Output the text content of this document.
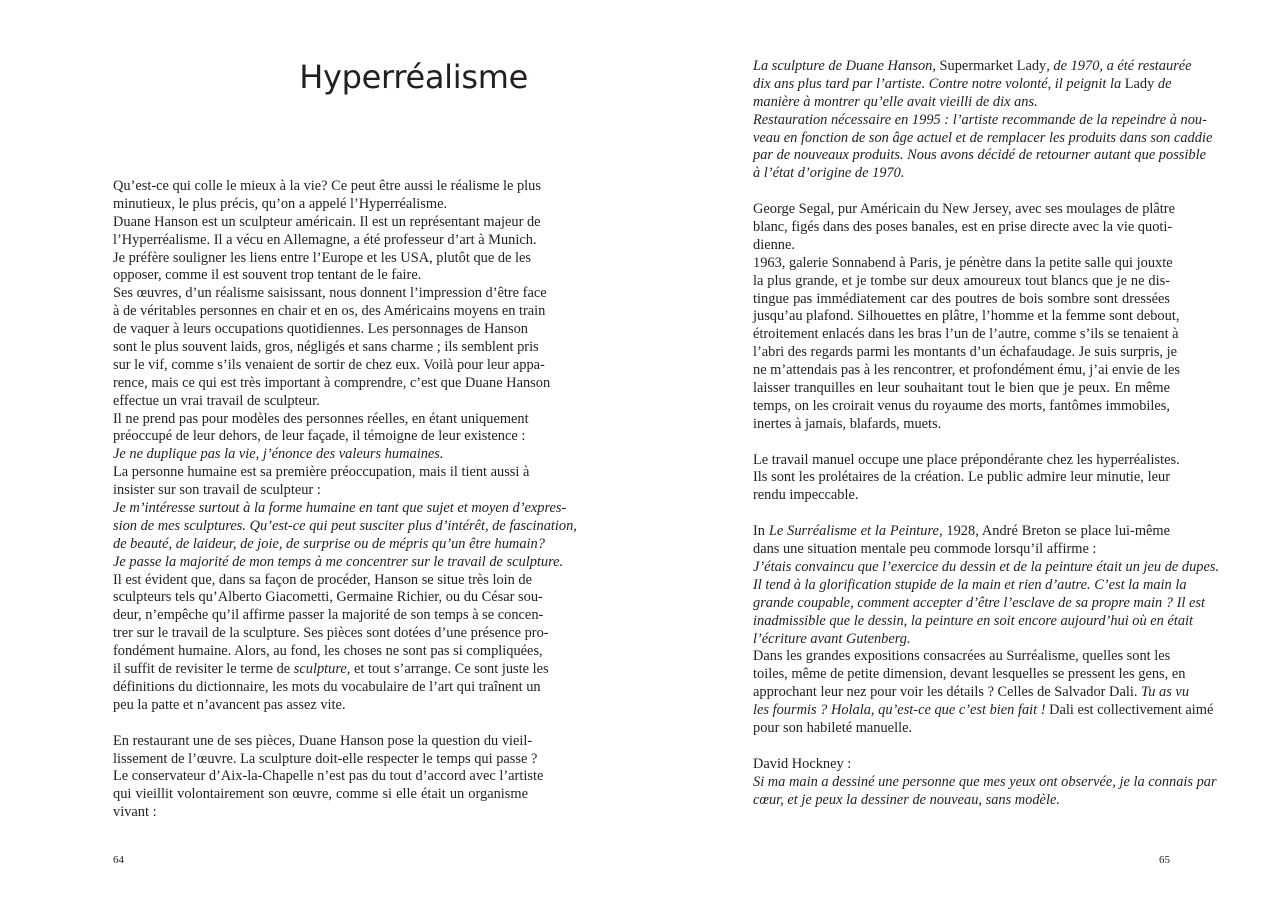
Hyperréalisme
Qu’est-ce qui colle le mieux à la vie? Ce peut être aussi le réalisme le plus
minutieux, le plus précis, qu’on a appelé l’Hyperréalisme.
Duane Hanson est un sculpteur américain. Il est un représentant majeur de
l’Hyperréalisme. Il a vécu en Allemagne, a été professeur d’art à Munich.
Je préfère souligner les liens entre l’Europe et les USA, plutôt que de les
opposer, comme il est souvent trop tentant de le faire.
Ses œuvres, d’un réalisme saisissant, nous donnent l’impression d’être face
à de véritables personnes en chair et en os, des Américains moyens en train
de vaquer à leurs occupations quotidiennes. Les personnages de Hanson
sont le plus souvent laids, gros, négligés et sans charme ; ils semblent pris
sur le vif, comme s’ils venaient de sortir de chez eux. Voilà pour leur appa-
rence, mais ce qui est très important à comprendre, c’est que Duane Hanson
effectue un vrai travail de sculpteur.
Il ne prend pas pour modèles des personnes réelles, en étant uniquement
préoccupé de leur dehors, de leur façade, il témoigne de leur existence :
Je ne duplique pas la vie, j’énonce des valeurs humaines.
La personne humaine est sa première préoccupation, mais il tient aussi à
insister sur son travail de sculpteur :
Je m’intéresse surtout à la forme humaine en tant que sujet et moyen d’expres-
sion de mes sculptures. Qu’est-ce qui peut susciter plus d’intérêt, de fascination,
de beauté, de laideur, de joie, de surprise ou de mépris qu’un être humain?
Je passe la majorité de mon temps à me concentrer sur le travail de sculpture.
Il est évident que, dans sa façon de procéder, Hanson se situe très loin de
sculpteurs tels qu’Alberto Giacometti, Germaine Richier, ou du César sou-
deur, n’empêche qu’il affirme passer la majorité de son temps à se concen-
trer sur le travail de la sculpture. Ses pièces sont dotées d’une présence pro-
fondément humaine. Alors, au fond, les choses ne sont pas si compliquées,
il suffit de revisiter le terme de sculpture, et tout s’arrange. Ce sont juste les
définitions du dictionnaire, les mots du vocabulaire de l’art qui traînent un
peu la patte et n’avancent pas assez vite.
En restaurant une de ses pièces, Duane Hanson pose la question du vieil-
lissement de l’œuvre. La sculpture doit-elle respecter le temps qui passe ?
Le conservateur d’Aix-la-Chapelle n’est pas du tout d’accord avec l’artiste
qui vieillit volontairement son œuvre, comme si elle était un organisme
vivant :
64
La sculpture de Duane Hanson, Supermarket Lady, de 1970, a été restaurée
dix ans plus tard par l’artiste. Contre notre volonté, il peignit la Lady de
manière à montrer qu’elle avait vieilli de dix ans.
Restauration nécessaire en 1995 : l’artiste recommande de la repeindre à nou-
veau en fonction de son âge actuel et de remplacer les produits dans son caddie
par de nouveaux produits. Nous avons décidé de retourner autant que possible
à l’état d’origine de 1970.
George Segal, pur Américain du New Jersey, avec ses moulages de plâtre
blanc, figés dans des poses banales, est en prise directe avec la vie quoti-
dienne.
1963, galerie Sonnabend à Paris, je pénètre dans la petite salle qui jouxte
la plus grande, et je tombe sur deux amoureux tout blancs que je ne dis-
tingue pas immédiatement car des poutres de bois sombre sont dressées
jusqu’au plafond. Silhouettes en plâtre, l’homme et la femme sont debout,
étroitement enlacés dans les bras l’un de l’autre, comme s’ils se tenaient à
l’abri des regards parmi les montants d’un échafaudage. Je suis surpris, je
ne m’attendais pas à les rencontrer, et profondément ému, j’ai envie de les
laisser tranquilles en leur souhaitant tout le bien que je peux. En même
temps, on les croirait venus du royaume des morts, fantômes immobiles,
inertes à jamais, blafards, muets.
Le travail manuel occupe une place prépondérante chez les hyperréalistes.
Ils sont les prolétaires de la création. Le public admire leur minutie, leur
rendu impeccable.
In Le Surréalisme et la Peinture, 1928, André Breton se place lui-même
dans une situation mentale peu commode lorsqu’il affirme :
J’étais convaincu que l’exercice du dessin et de la peinture était un jeu de dupes.
Il tend à la glorification stupide de la main et rien d’autre. C’est la main la
grande coupable, comment accepter d’être l’esclave de sa propre main ? Il est
inadmissible que le dessin, la peinture en soit encore aujourd’hui où en était
l’écriture avant Gutenberg.
Dans les grandes expositions consacrées au Surréalisme, quelles sont les
toiles, même de petite dimension, devant lesquelles se pressent les gens, en
approchant leur nez pour voir les détails ? Celles de Salvador Dali. Tu as vu
les fourmis ? Holala, qu’est-ce que c’est bien fait ! Dali est collectivement aimé
pour son habileté manuelle.
David Hockney :
Si ma main a dessiné une personne que mes yeux ont observée, je la connais par
cœur, et je peux la dessiner de nouveau, sans modèle.
65
